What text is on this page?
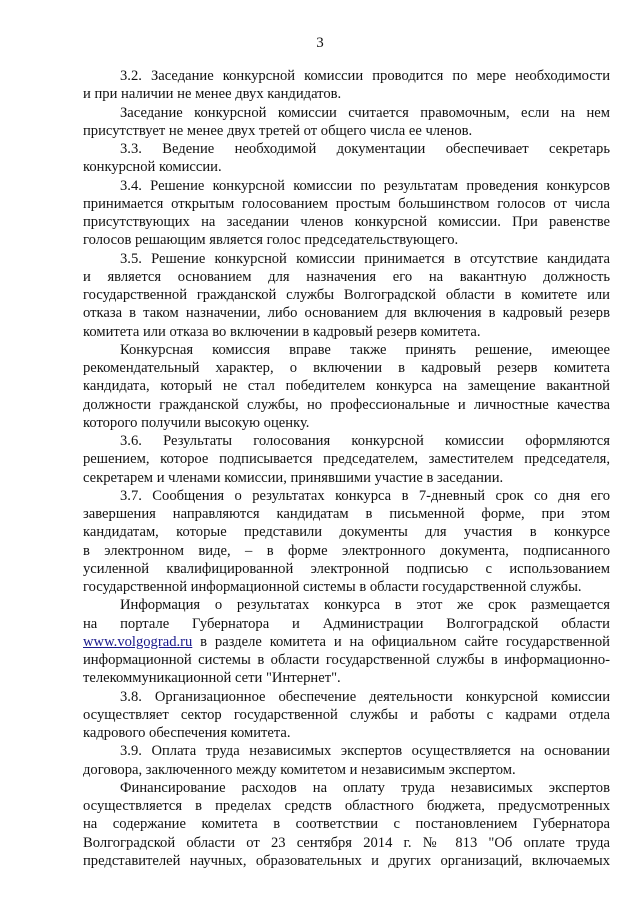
3
3.2. Заседание конкурсной комиссии проводится по мере необходимости
и при наличии не менее двух кандидатов.
Заседание конкурсной комиссии считается правомочным, если на нем
присутствует не менее двух третей от общего числа ее членов.
3.3. Ведение необходимой документации обеспечивает секретарь
конкурсной комиссии.
3.4. Решение конкурсной комиссии по результатам проведения конкурсов
принимается открытым голосованием простым большинством голосов от числа
присутствующих на заседании членов конкурсной комиссии. При равенстве
голосов решающим является голос председательствующего.
3.5. Решение конкурсной комиссии принимается в отсутствие кандидата
и является основанием для назначения его на вакантную должность
государственной гражданской службы Волгоградской области в комитете или
отказа в таком назначении, либо основанием для включения в кадровый резерв
комитета или отказа во включении в кадровый резерв комитета.
Конкурсная комиссия вправе также принять решение, имеющее
рекомендательный характер, о включении в кадровый резерв комитета
кандидата, который не стал победителем конкурса на замещение вакантной
должности гражданской службы, но профессиональные и личностные качества
которого получили высокую оценку.
3.6. Результаты голосования конкурсной комиссии оформляются
решением, которое подписывается председателем, заместителем председателя,
секретарем и членами комиссии, принявшими участие в заседании.
3.7. Сообщения о результатах конкурса в 7-дневный срок со дня его
завершения направляются кандидатам в письменной форме, при этом
кандидатам, которые представили документы для участия в конкурсе
в электронном виде, – в форме электронного документа, подписанного
усиленной квалифицированной электронной подписью с использованием
государственной информационной системы в области государственной службы.
Информация о результатах конкурса в этот же срок размещается
на портале Губернатора и Администрации Волгоградской области
www.volgograd.ru в разделе комитета и на официальном сайте государственной
информационной системы в области государственной службы в информационно-
телекоммуникационной сети "Интернет".
3.8. Организационное обеспечение деятельности конкурсной комиссии
осуществляет сектор государственной службы и работы с кадрами отдела
кадрового обеспечения комитета.
3.9. Оплата труда независимых экспертов осуществляется на основании
договора, заключенного между комитетом и независимым экспертом.
Финансирование расходов на оплату труда независимых экспертов
осуществляется в пределах средств областного бюджета, предусмотренных
на содержание комитета в соответствии с постановлением Губернатора
Волгоградской области от 23 сентября 2014 г. № 813 "Об оплате труда
представителей научных, образовательных и других организаций, включаемых
